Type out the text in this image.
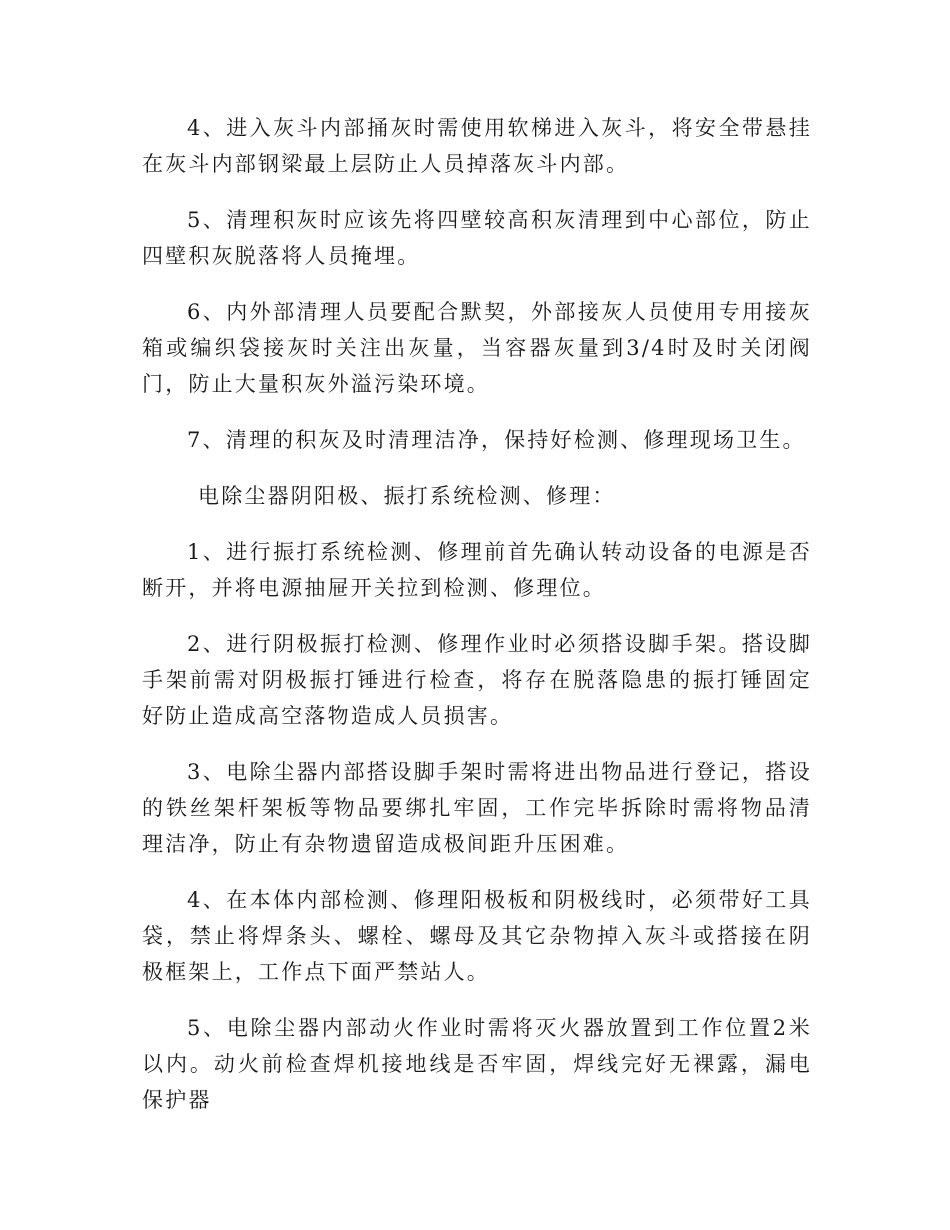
4、进入灰斗内部捅灰时需使用软梯进入灰斗，将安全带悬挂在灰斗内部钢梁最上层防止人员掉落灰斗内部。

5、清理积灰时应该先将四壁较高积灰清理到中心部位，防止四壁积灰脱落将人员掩埋。

6、内外部清理人员要配合默契，外部接灰人员使用专用接灰箱或编织袋接灰时关注出灰量，当容器灰量到3/4时及时关闭阀门，防止大量积灰外溢污染环境。

7、清理的积灰及时清理洁净，保持好检测、修理现场卫生。

电除尘器阴阳极、振打系统检测、修理：

1、进行振打系统检测、修理前首先确认转动设备的电源是否断开，并将电源抽屉开关拉到检测、修理位。

2、进行阴极振打检测、修理作业时必须搭设脚手架。搭设脚手架前需对阴极振打锤进行检查，将存在脱落隐患的振打锤固定好防止造成高空落物造成人员损害。

3、电除尘器内部搭设脚手架时需将进出物品进行登记，搭设的铁丝架杆架板等物品要绑扎牢固，工作完毕拆除时需将物品清理洁净，防止有杂物遗留造成极间距升压困难。

4、在本体内部检测、修理阳极板和阴极线时，必须带好工具袋，禁止将焊条头、螺栓、螺母及其它杂物掉入灰斗或搭接在阴极框架上，工作点下面严禁站人。

5、电除尘器内部动火作业时需将灭火器放置到工作位置2米以内。动火前检查焊机接地线是否牢固，焊线完好无裸露，漏电保护器
